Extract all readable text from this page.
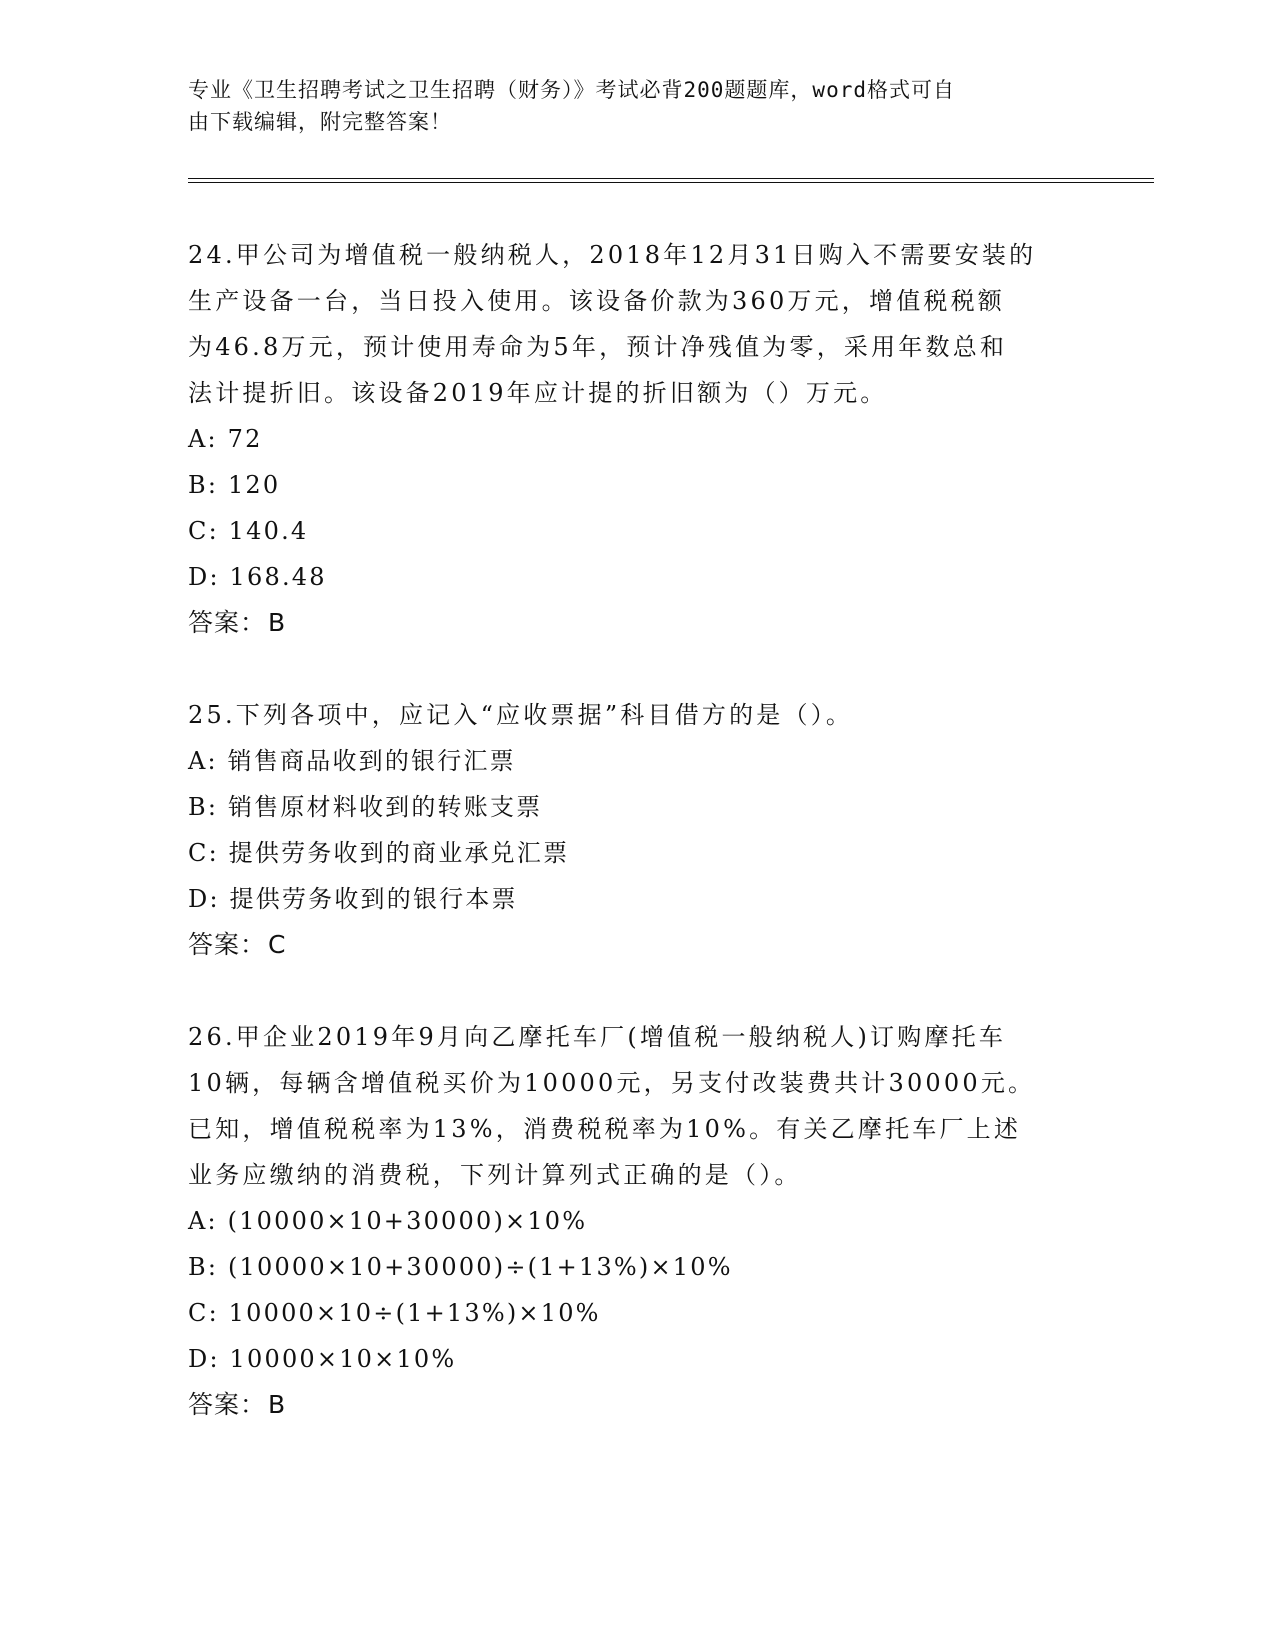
专业《卫生招聘考试之卫生招聘（财务）》考试必背200题题库，word格式可自
由下载编辑，附完整答案！
24.甲公司为增值税一般纳税人，2018年12月31日购入不需要安装的
生产设备一台，当日投入使用。该设备价款为360万元，增值税税额
为46.8万元，预计使用寿命为5年，预计净残值为零，采用年数总和
法计提折旧。该设备2019年应计提的折旧额为（）万元。
A: 72
B: 120
C: 140.4
D: 168.48
答案：B
25.下列各项中，应记入“应收票据”科目借方的是（）。
A: 销售商品收到的银行汇票
B: 销售原材料收到的转账支票
C: 提供劳务收到的商业承兑汇票
D: 提供劳务收到的银行本票
答案：C
26.甲企业2019年9月向乙摩托车厂(增值税一般纳税人)订购摩托车
10辆，每辆含增值税买价为10000元，另支付改装费共计30000元。
已知，增值税税率为13%，消费税税率为10%。有关乙摩托车厂上述
业务应缴纳的消费税，下列计算列式正确的是（）。
A: (10000×10+30000)×10%
B: (10000×10+30000)÷(1+13%)×10%
C: 10000×10÷(1+13%)×10%
D: 10000×10×10%
答案：B
